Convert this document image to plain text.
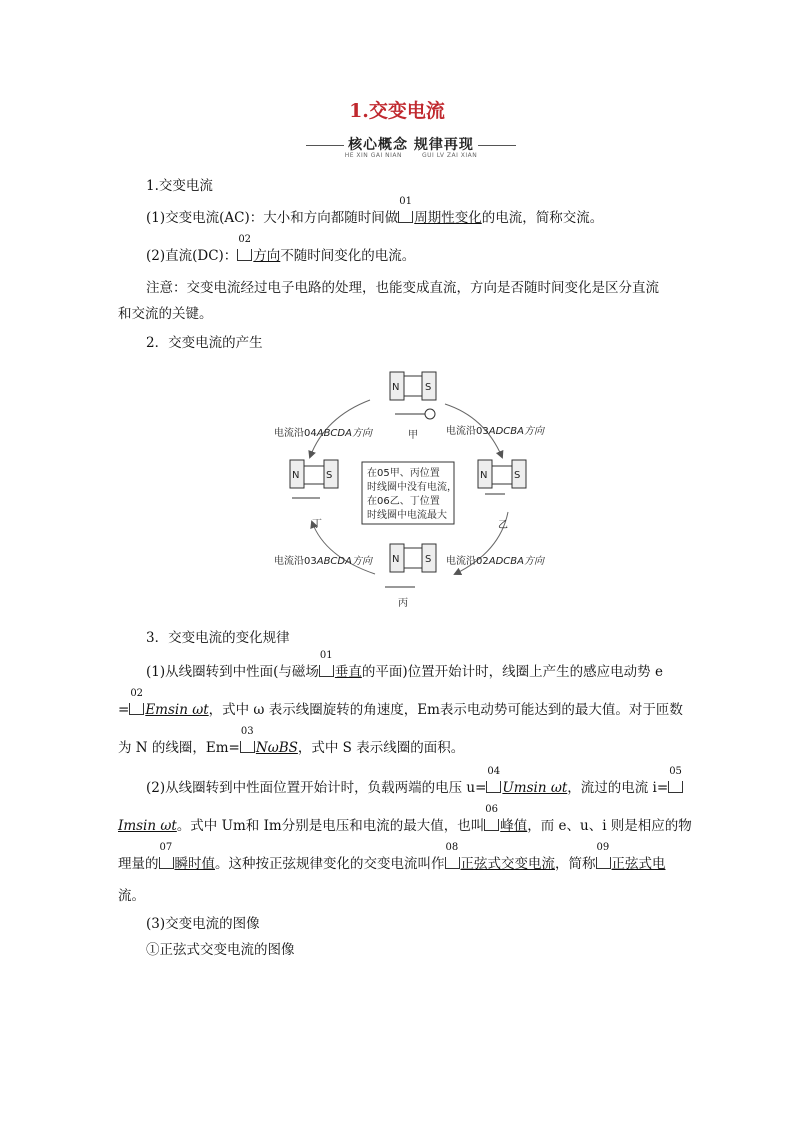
1.交变电流
核心概念 规律再现
HE XIN GAI NIAN	GUI LV ZAI XIAN
1.交变电流
(1)交变电流(AC)：大小和方向都随时间做
01
周期性变化的电流，简称交流。
(2)直流(DC)：
02
方向不随时间变化的电流。
注意：交变电流经过电子电路的处理，也能变成直流，方向是否随时间变化是区分直流
和交流的关键。
2．交变电流的产生
N	S
甲
N	S
乙
N	S
丙
N	S
丁
在05甲、丙位置
时线圈中没有电流，
在06乙、丁位置
时线圈中电流最大
电流沿04ABCDA方向	电流沿03ADCBA方向
电流沿03ABCDA方向	电流沿02ADCBA方向
3．交变电流的变化规律
(1)从线圈转到中性面(与磁场
01
垂直的平面)位置开始计时，线圈上产生的感应电动势 e
=
02
Emsin ωt，式中 ω 表示线圈旋转的角速度，Em表示电动势可能达到的最大值。对于匝数
为 N 的线圈，Em=
03
NωBS，式中 S 表示线圈的面积。
(2)从线圈转到中性面位置开始计时，负载两端的电压 u=
04
Umsin ωt，流过的电流 i=
05
Imsin ωt。式中 Um和 Im分别是电压和电流的最大值，也叫
06
峰值，而 e、u、i 则是相应的物
理量的
07
瞬时值。这种按正弦规律变化的交变电流叫作
08
正弦式交变电流，简称
09
正弦式电
流。
(3)交变电流的图像
①正弦式交变电流的图像
